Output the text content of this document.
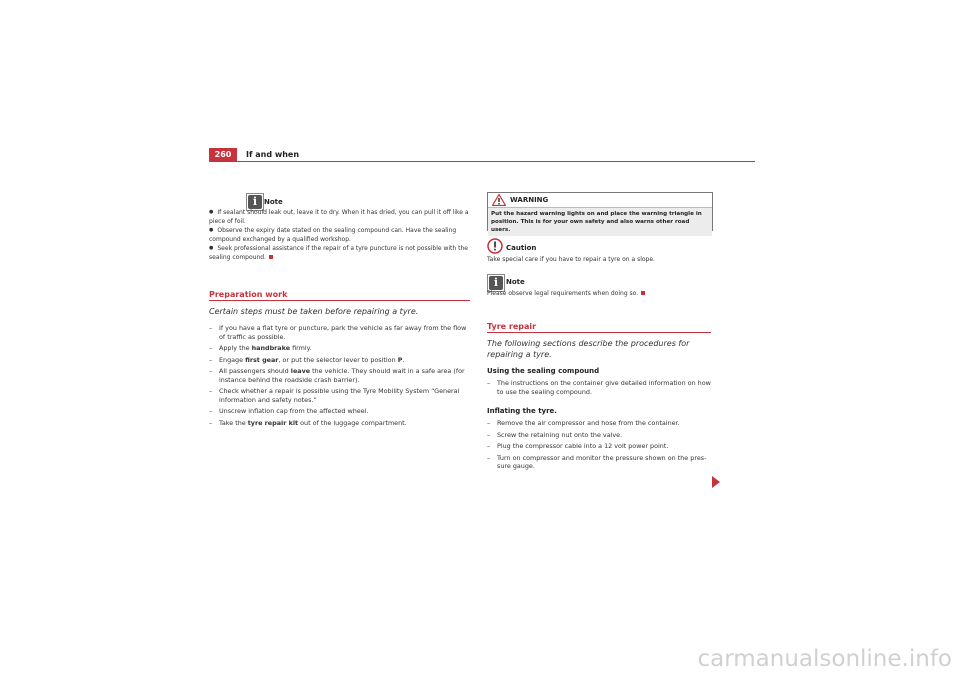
260	If and when
i Note
● If sealant should leak out, leave it to dry. When it has dried, you can pull it off like a piece of foil.
● Observe the expiry date stated on the sealing compound can. Have the sealing compound exchanged by a qualified workshop.
● Seek professional assistance if the repair of a tyre puncture is not possible with the sealing compound.
Preparation work
Certain steps must be taken before repairing a tyre.
– If you have a flat tyre or puncture, park the vehicle as far away from the flow of traffic as possible.
– Apply the handbrake firmly.
– Engage first gear, or put the selector lever to position P.
– All passengers should leave the vehicle. They should wait in a safe area (for instance behind the roadside crash barrier).
– Check whether a repair is possible using the Tyre Mobility System “General information and safety notes.”
– Unscrew inflation cap from the affected wheel.
– Take the tyre repair kit out of the luggage compartment.
WARNING
Put the hazard warning lights on and place the warning triangle in position. This is for your own safety and also warns other road users.
Caution
Take special care if you have to repair a tyre on a slope.
i	Note
Please observe legal requirements when doing so.
Tyre repair
The following sections describe the procedures for repairing a tyre.
Using the sealing compound
– The instructions on the container give detailed information on how to use the sealing compound.
Inflating the tyre.
– Remove the air compressor and hose from the container.
– Screw the retaining nut onto the valve.
– Plug the compressor cable into a 12 volt power point.
– Turn on compressor and monitor the pressure shown on the pres-sure gauge.
carmanualsonline.info
